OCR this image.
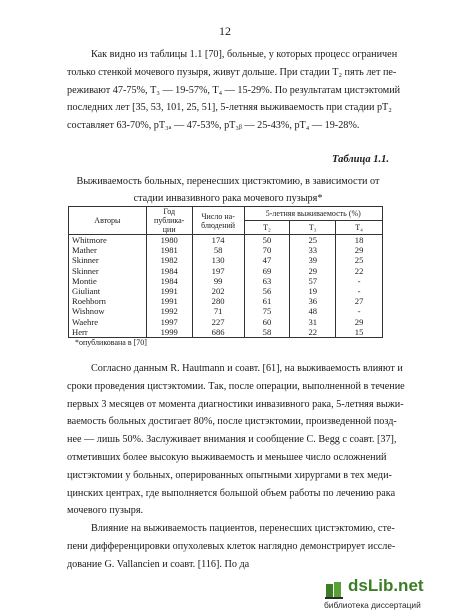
12
Как видно из таблицы 1.1 [70], больные, у которых процесс ограничен
только стенкой мочевого пузыря, живут дольше. При стадии T₂ пять лет пе-
реживают 47-75%, T₃ — 19-57%, T₄ — 15-29%. По результатам цистэктомий
последних лет [35, 53, 101, 25, 51], 5-летняя выживаемость при стадии pT₂
составляет 63-70%, pT₃ₐ — 47-53%, pT₃ᵦ — 25-43%, pT₄ — 19-28%.
Таблица 1.1.
Выживаемость больных, перенесших цистэктомию, в зависимости от
стадии инвазивного рака мочевого пузыря*
Авторы	Год публика-ции	Число на-блюдений	5-летняя выживаемость (%)		
			T₂	T₃	T₄
Whitmore	1980	174	50	25	18
Mather	1981	58	70	33	29
Skinner	1982	130	47	39	25
Skinner	1984	197	69	29	22
Montie	1984	99	63	57	-
Giuliant	1991	202	56	19	-
Roehborn	1991	280	61	36	27
Wishnow	1992	71	75	48	-
Waehre	1997	227	60	31	29
Herr	1999	686	58	22	15
*опубликована в [70]
Согласно данным R. Hautmann и соавт. [61], на выживаемость влияют и
сроки проведения цистэктомии. Так, после операции, выполненной в течение
первых 3 месяцев от момента диагностики инвазивного рака, 5-летняя выжи-
ваемость больных достигает 80%, после цистэктомии, произведенной позд-
нее — лишь 50%. Заслуживает внимания и сообщение C. Begg с соавт. [37],
отметивших более высокую выживаемость и меньшее число осложнений
цистэктомии у больных, оперированных опытными хирургами в тех меди-
цинских центрах, где выполняется большой объем работы по лечению рака
мочевого пузыря.
Влияние на выживаемость пациентов, перенесших цистэктомию, сте-
пени дифференцировки опухолевых клеток наглядно демонстрирует иссле-
дование G. Vallancien и соавт. [116]. По да
dsLib.net
библиотека диссертаций
